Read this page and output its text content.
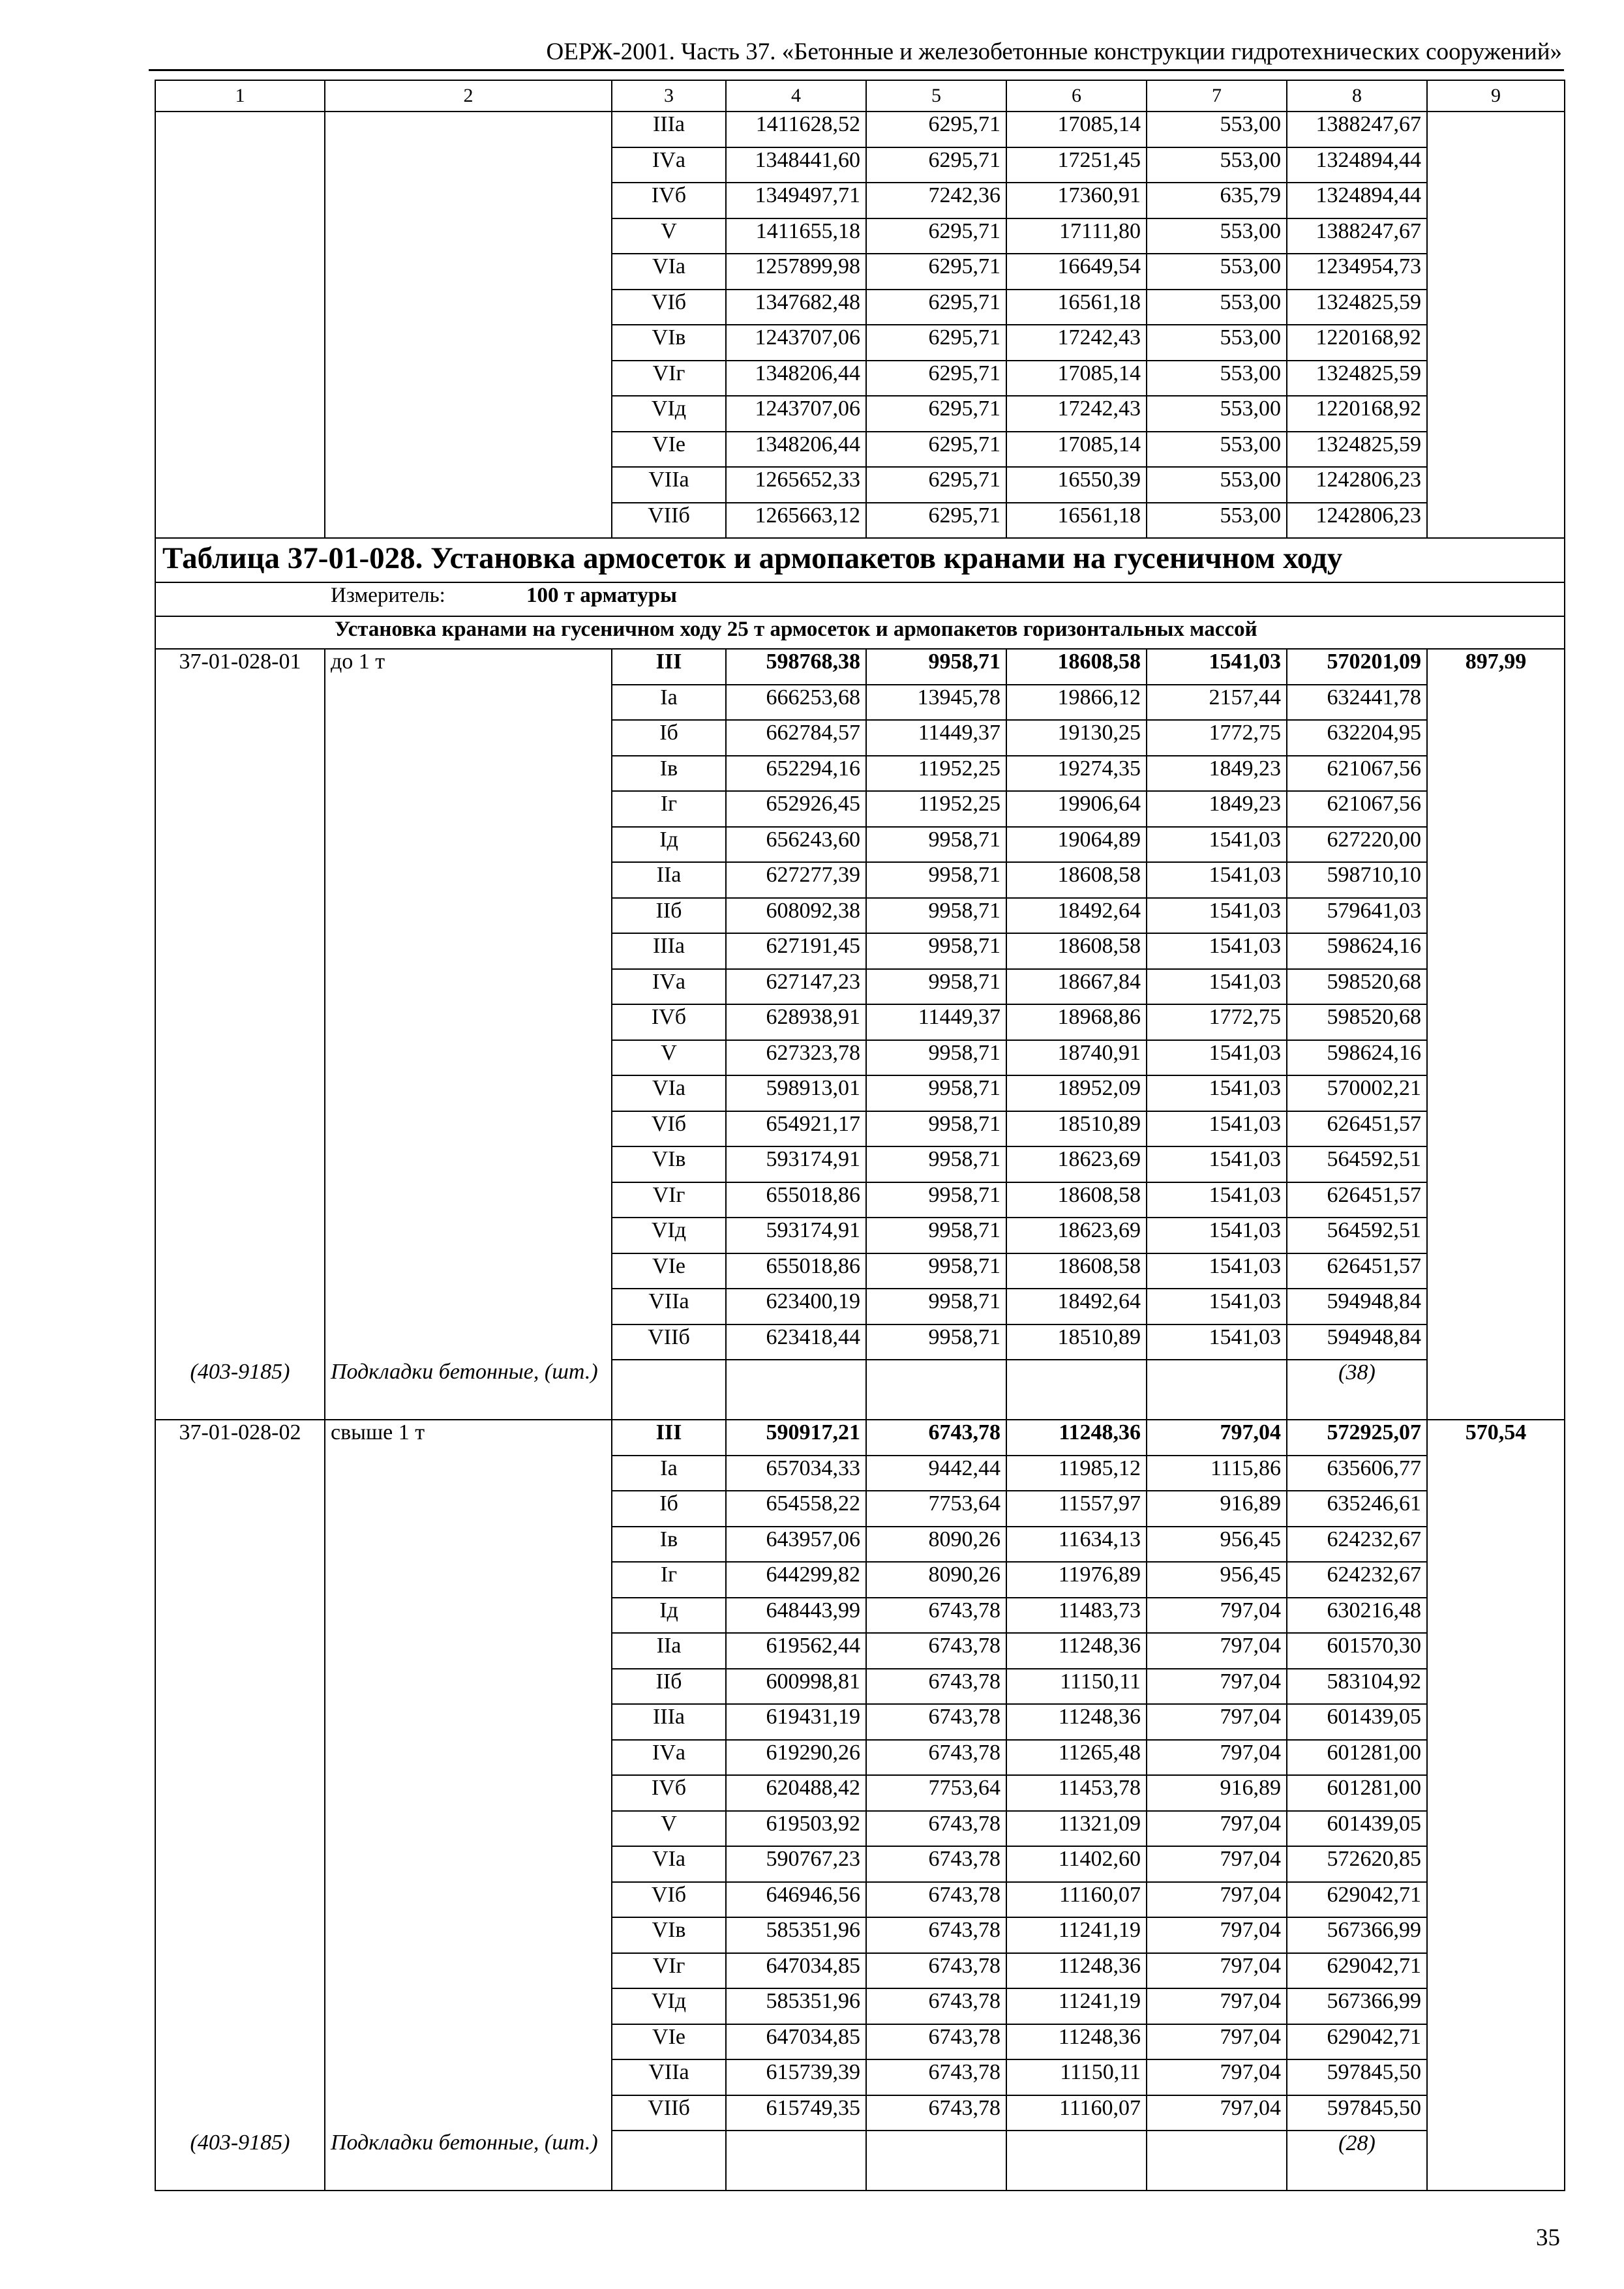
ОЕРЖ-2001. Часть 37. «Бетонные и железобетонные конструкции гидротехнических сооружений»
1	2	3	4	5	6	7	8	9
		IIIа	1411628,52	6295,71	17085,14	553,00	1388247,67	
		IVа	1348441,60	6295,71	17251,45	553,00	1324894,44	
		IVб	1349497,71	7242,36	17360,91	635,79	1324894,44	
		V	1411655,18	6295,71	17111,80	553,00	1388247,67	
		VIа	1257899,98	6295,71	16649,54	553,00	1234954,73	
		VIб	1347682,48	6295,71	16561,18	553,00	1324825,59	
		VIв	1243707,06	6295,71	17242,43	553,00	1220168,92	
		VIг	1348206,44	6295,71	17085,14	553,00	1324825,59	
		VIд	1243707,06	6295,71	17242,43	553,00	1220168,92	
		VIе	1348206,44	6295,71	17085,14	553,00	1324825,59	
		VIIа	1265652,33	6295,71	16550,39	553,00	1242806,23	
		VIIб	1265663,12	6295,71	16561,18	553,00	1242806,23	
Таблица 37-01-028. Установка армосеток и армопакетов кранами на гусеничном ходу								
Измеритель: 100 т арматуры								
Установка кранами на гусеничном ходу 25 т армосеток и армопакетов горизонтальных массой								
37-01-028-01	до 1 т	III	598768,38	9958,71	18608,58	1541,03	570201,09	897,99
		Iа	666253,68	13945,78	19866,12	2157,44	632441,78	
		Iб	662784,57	11449,37	19130,25	1772,75	632204,95	
		Iв	652294,16	11952,25	19274,35	1849,23	621067,56	
		Iг	652926,45	11952,25	19906,64	1849,23	621067,56	
		Iд	656243,60	9958,71	19064,89	1541,03	627220,00	
		IIа	627277,39	9958,71	18608,58	1541,03	598710,10	
		IIб	608092,38	9958,71	18492,64	1541,03	579641,03	
		IIIа	627191,45	9958,71	18608,58	1541,03	598624,16	
		IVа	627147,23	9958,71	18667,84	1541,03	598520,68	
		IVб	628938,91	11449,37	18968,86	1772,75	598520,68	
		V	627323,78	9958,71	18740,91	1541,03	598624,16	
		VIа	598913,01	9958,71	18952,09	1541,03	570002,21	
		VIб	654921,17	9958,71	18510,89	1541,03	626451,57	
		VIв	593174,91	9958,71	18623,69	1541,03	564592,51	
		VIг	655018,86	9958,71	18608,58	1541,03	626451,57	
		VIд	593174,91	9958,71	18623,69	1541,03	564592,51	
		VIе	655018,86	9958,71	18608,58	1541,03	626451,57	
		VIIа	623400,19	9958,71	18492,64	1541,03	594948,84	
		VIIб	623418,44	9958,71	18510,89	1541,03	594948,84	
(403-9185)	Подкладки бетонные, (шт.)						(38)	
37-01-028-02	свыше 1 т	III	590917,21	6743,78	11248,36	797,04	572925,07	570,54
		Iа	657034,33	9442,44	11985,12	1115,86	635606,77	
		Iб	654558,22	7753,64	11557,97	916,89	635246,61	
		Iв	643957,06	8090,26	11634,13	956,45	624232,67	
		Iг	644299,82	8090,26	11976,89	956,45	624232,67	
		Iд	648443,99	6743,78	11483,73	797,04	630216,48	
		IIа	619562,44	6743,78	11248,36	797,04	601570,30	
		IIб	600998,81	6743,78	11150,11	797,04	583104,92	
		IIIа	619431,19	6743,78	11248,36	797,04	601439,05	
		IVа	619290,26	6743,78	11265,48	797,04	601281,00	
		IVб	620488,42	7753,64	11453,78	916,89	601281,00	
		V	619503,92	6743,78	11321,09	797,04	601439,05	
		VIа	590767,23	6743,78	11402,60	797,04	572620,85	
		VIб	646946,56	6743,78	11160,07	797,04	629042,71	
		VIв	585351,96	6743,78	11241,19	797,04	567366,99	
		VIг	647034,85	6743,78	11248,36	797,04	629042,71	
		VIд	585351,96	6743,78	11241,19	797,04	567366,99	
		VIе	647034,85	6743,78	11248,36	797,04	629042,71	
		VIIа	615739,39	6743,78	11150,11	797,04	597845,50	
		VIIб	615749,35	6743,78	11160,07	797,04	597845,50	
(403-9185)	Подкладки бетонные, (шт.)						(28)	
35
